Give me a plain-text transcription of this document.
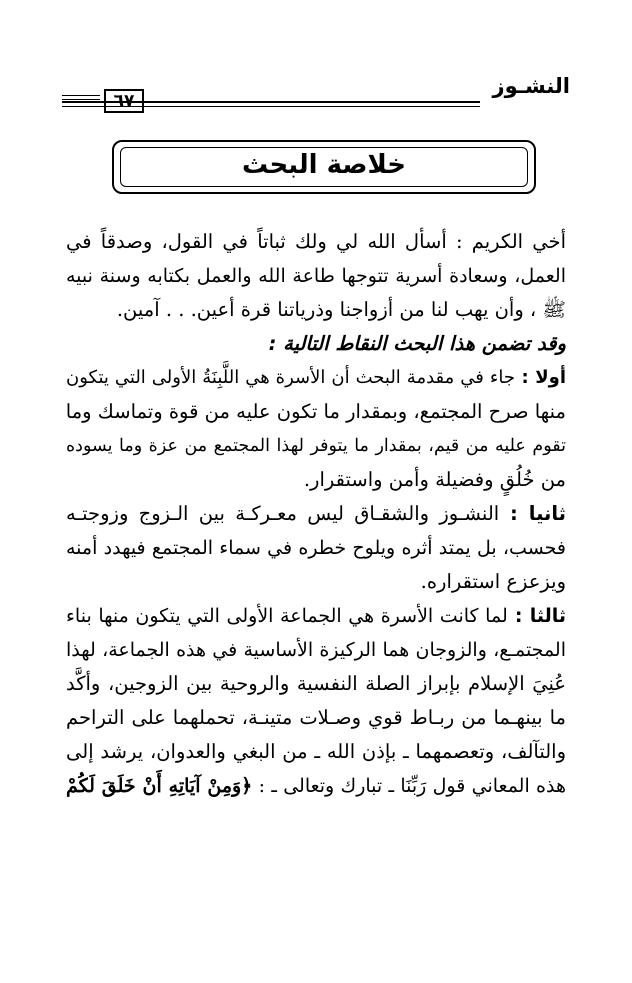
النشـوز
٦٧
خلاصة البحث
أخي الكريم : أسأل الله لي ولك ثباتاً في القول، وصدقاً في
العمل، وسعادة أسرية تتوجها طاعة الله والعمل بكتابه وسنة نبيه
ﷺ ، وأن يهب لنا من أزواجنا وذرياتنا قرة أعين. . . آمين.
وقد تضمن هذا البحث النقاط التالية :
أولا : جاء في مقدمة البحث أن الأسرة هي اللَّبِنَةُ الأولى التي يتكون
منها صرح المجتمع، وبمقدار ما تكون عليه من قوة وتماسك وما
تقوم عليه من قيم، بمقدار ما يتوفر لهذا المجتمع من عزة وما يسوده
من خُلُقٍ وفضيلة وأمن واستقرار.
ثانيا : النشـوز والشقـاق ليس معـركـة بين الـزوج وزوجتـه
فحسب، بل يمتد أثره ويلوح خطره في سماء المجتمع فيهدد أمنه
ويزعزع استقراره.
ثالثا : لما كانت الأسرة هي الجماعة الأولى التي يتكون منها بناء
المجتمـع، والزوجان هما الركيزة الأساسية في هذه الجماعة، لهذا
عُنِيَ الإسلام بإبراز الصلة النفسية والروحية بين الزوجين، وأكَّد
ما بينهـما من ربـاط قوي وصـلات متينـة، تحملهما على التراحم
والتآلف، وتعصمهما ـ بإذن الله ـ من البغي والعدوان، يرشد إلى
هذه المعاني قول رَبِّنَا ـ تبارك وتعالى ـ : ﴿وَمِنْ آيَاتِهِ أَنْ خَلَقَ لَكُمْ
